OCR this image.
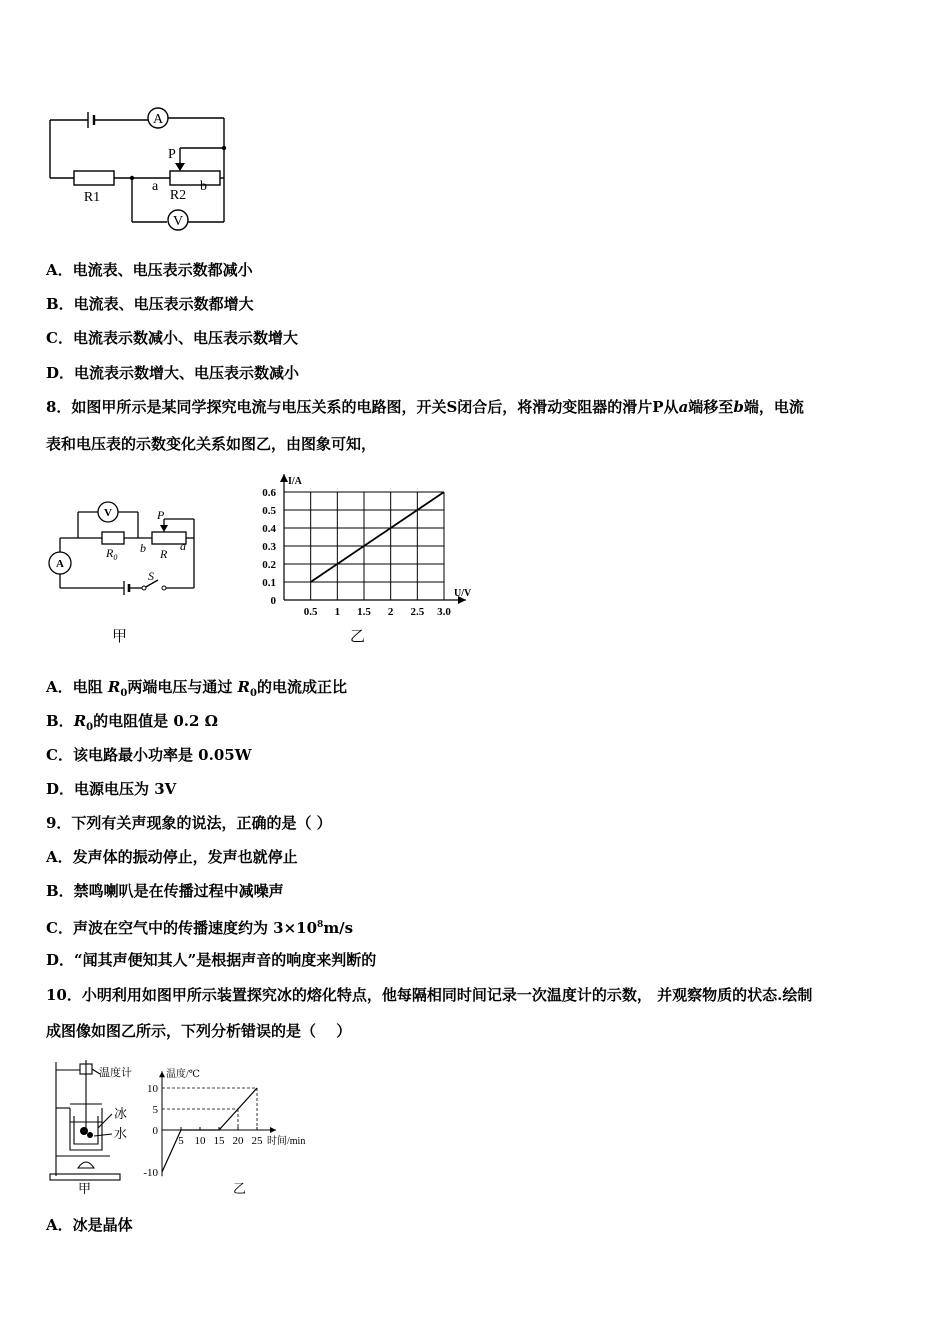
A
V
P
R1	R2
a	b
A．电流表、电压表示数都减小
B．电流表、电压表示数都增大
C．电流表示数减小、电压表示数增大
D．电流表示数增大、电压表示数减小
8．如图甲所示是某同学探究电流与电压关系的电路图，开关S闭合后，将滑动变阻器的滑片P从a端移至b端，电流
表和电压表的示数变化关系如图乙，由图象可知，
V
A
$R_0$	R
P
b	a
S
甲
0.5 1 1.5 2 2.5 3.0
0
0.1
0.2
0.3
0.4
0.5
0.6
I/A
U/V
乙
A．电阻 $R_0$两端电压与通过 $R_0$的电流成正比
B．$R_0$的电阻值是 0.2 Ω
C．该电路最小功率是 0.05W
D．电源电压为 3V
9．下列有关声现象的说法，正确的是（ ）
A．发声体的振动停止，发声也就停止
B．禁鸣喇叭是在传播过程中减噪声
C．声波在空气中的传播速度约为 $3\times 10^8m/s$
D．“闻其声便知其人”是根据声音的响度来判断的
10．小明利用如图甲所示装置探究冰的熔化特点，他每隔相同时间记录一次温度计的示数， 并观察物质的状态.绘制
成图像如图乙所示，下列分析错误的是（　 ）
温度计
冰
水
甲
5 10 15 20 25
-10
0
5
10
温度/℃
时间/min
乙
A．冰是晶体
